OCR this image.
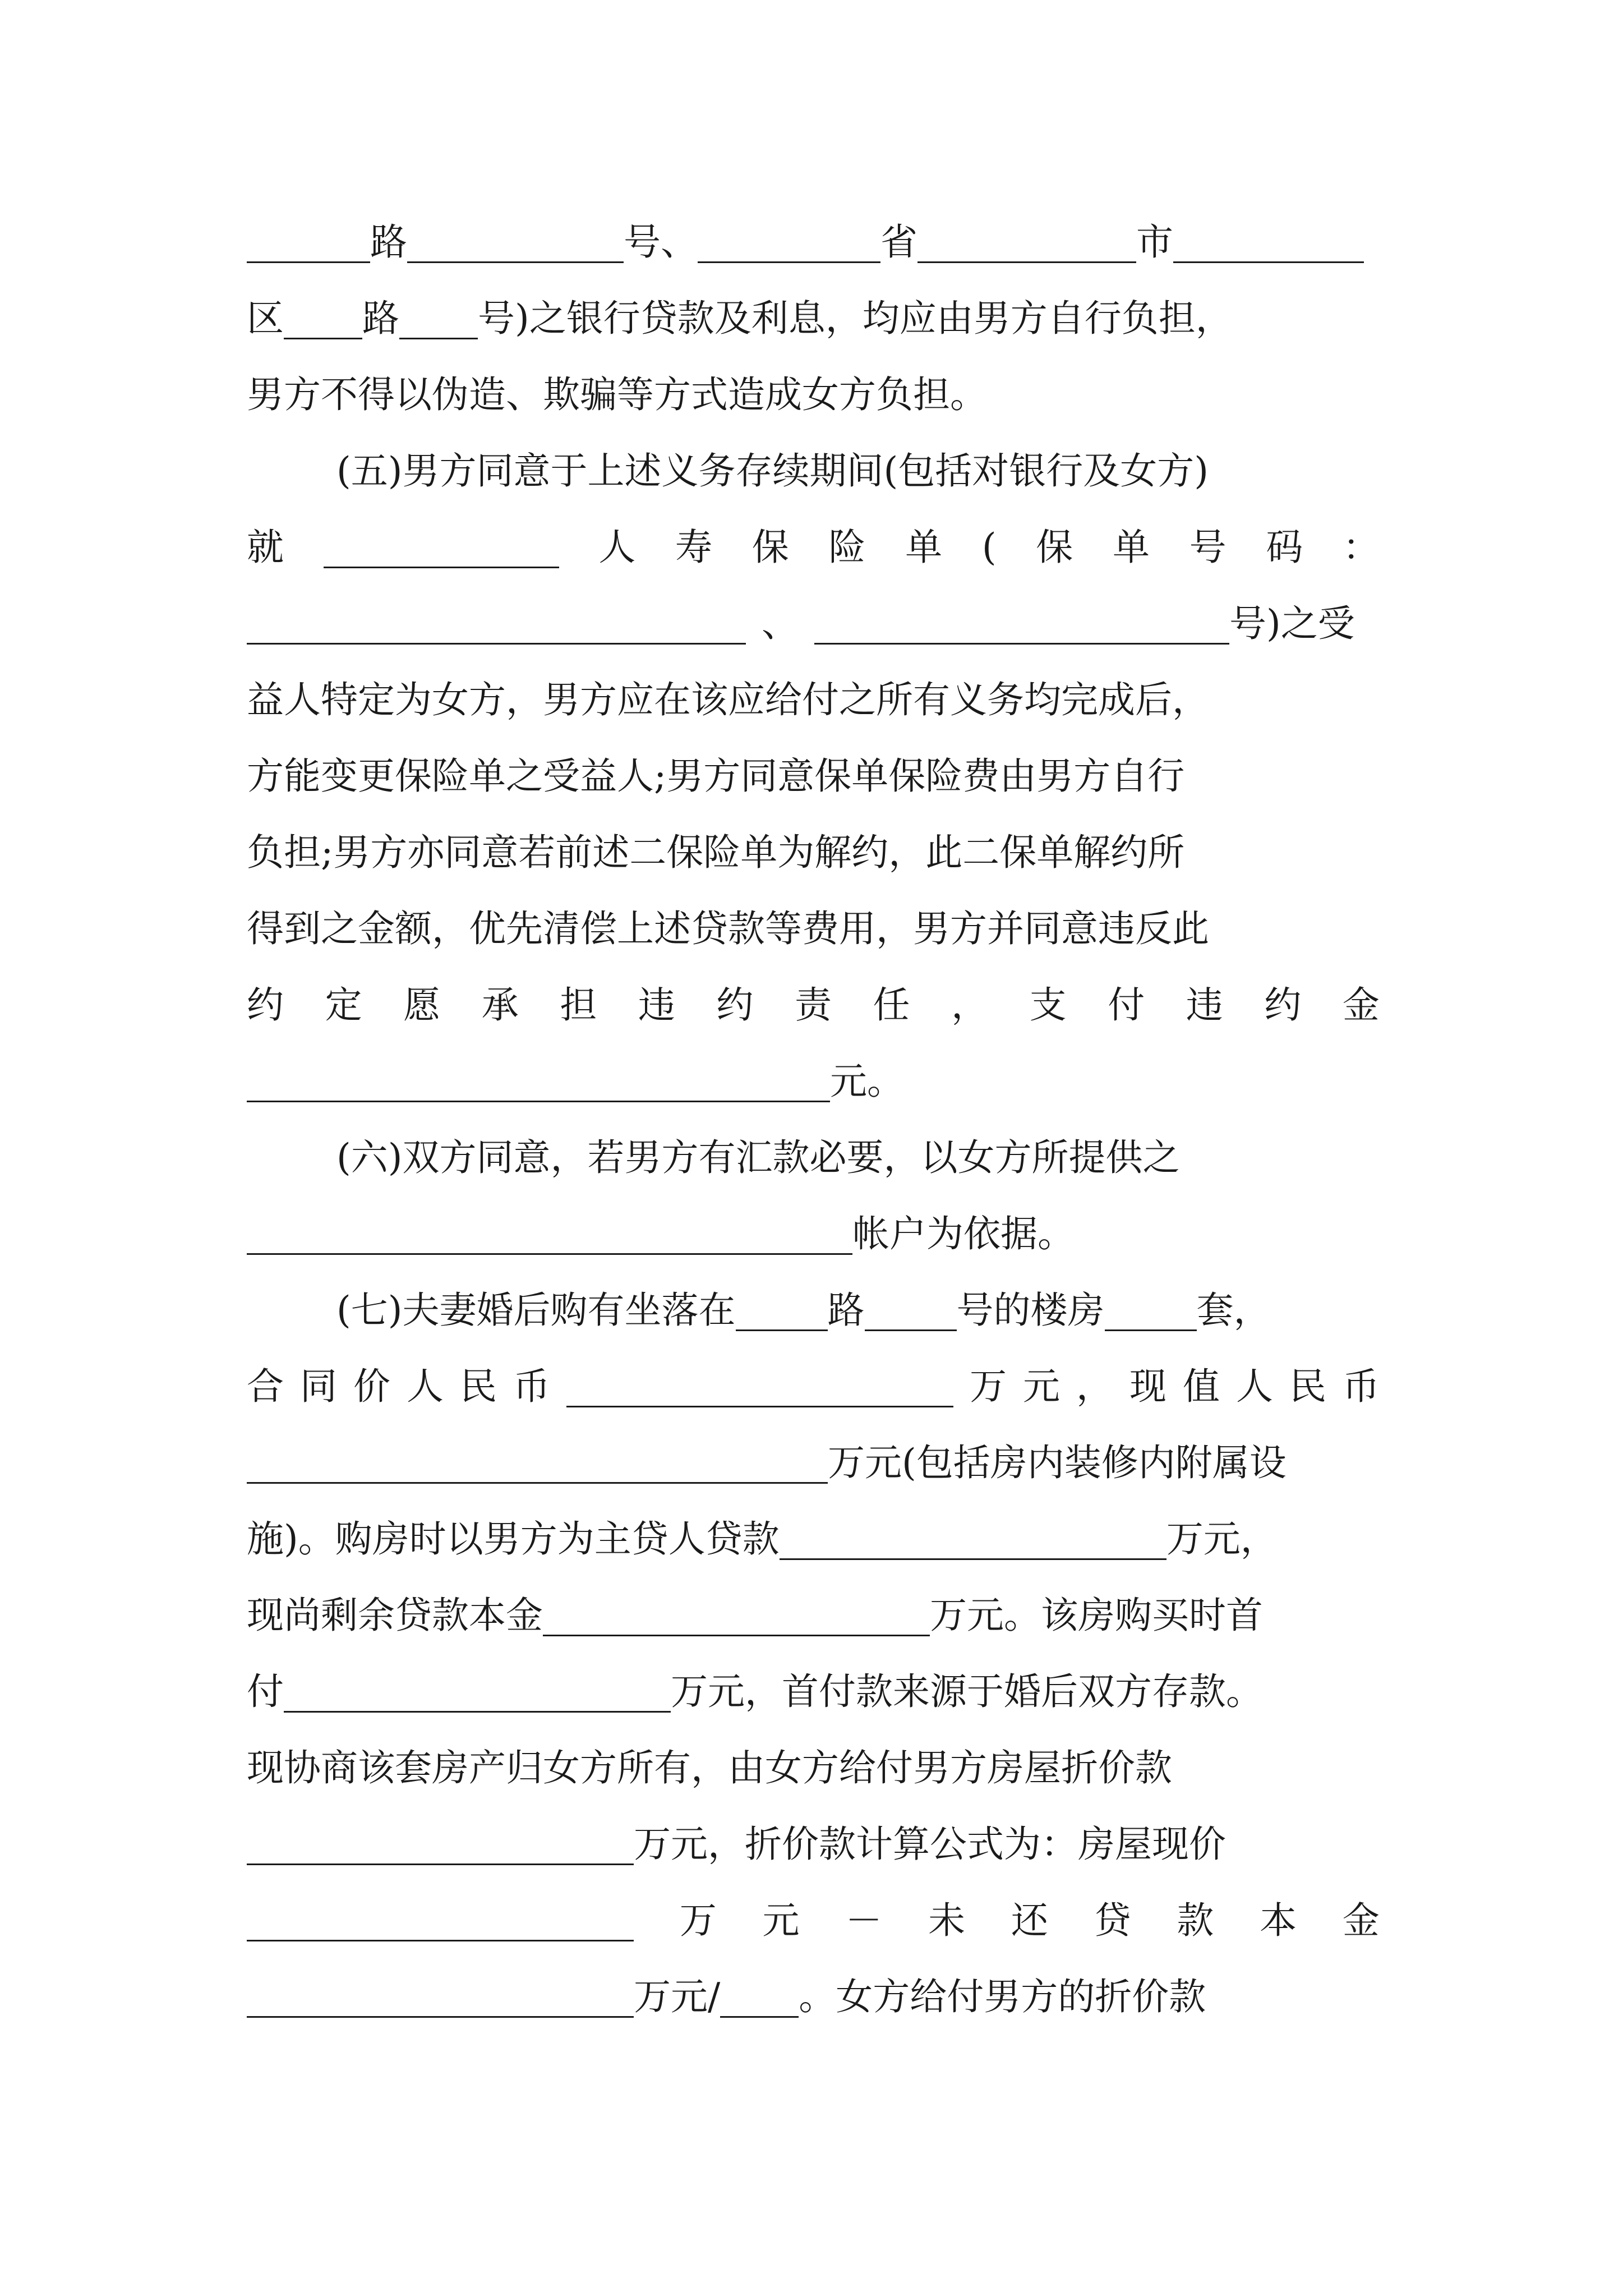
路	号、	省	市
区 路 号)之银行贷款及利息，均应由男方自行负担，
男方不得以伪造、欺骗等方式造成女方负担。
(五)男方同意于上述义务存续期间(包括对银行及女方)
就	人 寿 保 险 单 ( 保 单 号 码 ：
、	号)之受
益人特定为女方，男方应在该应给付之所有义务均完成后，
方能变更保险单之受益人;男方同意保单保险费由男方自行
负担;男方亦同意若前述二保险单为解约，此二保单解约所
得到之金额，优先清偿上述贷款等费用，男方并同意违反此
约 定 愿 承 担 违 约 责 任 ， 支 付 违 约 金
元。
(六)双方同意，若男方有汇款必要，以女方所提供之
帐户为依据。
(七)夫妻婚后购有坐落在 路 号的楼房 套，
合 同 价 人 民 币	万 元 ， 现 值 人 民 币
万元(包括房内装修内附属设
施)。购房时以男方为主贷人贷款	万元，
现尚剩余贷款本金	万元。该房购买时首
付	万元，首付款来源于婚后双方存款。
现协商该套房产归女方所有，由女方给付男方房屋折价款
万元，折价款计算公式为：房屋现价
万 元 － 未 还 贷 款 本 金
万元/ 。女方给付男方的折价款
